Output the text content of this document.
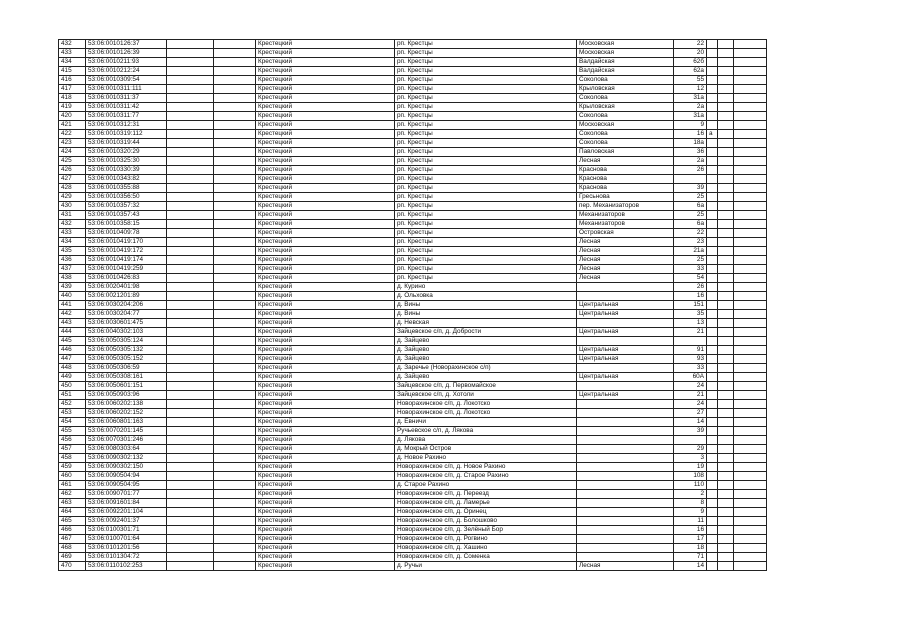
432	53:06:0010126:37			Крестецкий	рп. Крестцы	Московская	22			
433	53:06:0010126:39			Крестецкий	рп. Крестцы	Московская	20			
434	53:06:0010211:93			Крестецкий	рп. Крестцы	Валдайская	62б			
415	53:06:0010212:24			Крестецкий	рп. Крестцы	Валдайская	62а			
416	53:06:0010309:54			Крестецкий	рп. Крестцы	Соколова	55			
417	53:06:0010311:111			Крестецкий	рп. Крестцы	Крыловская	12			
418	53:06:0010311:37			Крестецкий	рп. Крестцы	Соколова	31а			
419	53:06:0010311:42			Крестецкий	рп. Крестцы	Крыловская	2а			
420	53:06:0010311:77			Крестецкий	рп. Крестцы	Соколова	31а			
421	53:06:0010312:31			Крестецкий	рп. Крестцы	Московская	9			
422	53:06:0010319:112			Крестецкий	рп. Крестцы	Соколова	16	а		
423	53:06:0010319:44			Крестецкий	рп. Крестцы	Соколова	18а			
424	53:06:0010320:29			Крестецкий	рп. Крестцы	Павловская	36			
425	53:06:0010325:30			Крестецкий	рп. Крестцы	Лесная	2а			
426	53:06:0010330:39			Крестецкий	рп. Крестцы	Краснова	26			
427	53:06:0010343:82			Крестецкий	рп. Крестцы	Краснова				
428	53:06:0010355:88			Крестецкий	рп. Крестцы	Краснова	39			
429	53:06:0010356:50			Крестецкий	рп. Крестцы	Гресьнова	25			
430	53:06:0010357:32			Крестецкий	рп. Крестцы	пер. Механизаторов	6а			
431	53:06:0010357:43			Крестецкий	рп. Крестцы	Механизаторов	25			
432	53:06:0010358:15			Крестецкий	рп. Крестцы	Механизаторов	6а			
433	53:06:0010409:78			Крестецкий	рп. Крестцы	Островская	22			
434	53:06:0010419:170			Крестецкий	рп. Крестцы	Лесная	23			
435	53:06:0010419:172			Крестецкий	рп. Крестцы	Лесная	21а			
436	53:06:0010419:174			Крестецкий	рп. Крестцы	Лесная	25			
437	53:06:0010419:259			Крестецкий	рп. Крестцы	Лесная	33			
438	53:06:0010426:83			Крестецкий	рп. Крестцы	Лесная	54			
439	53:06:0020401:98			Крестецкий	д. Курино		26			
440	53:06:0021201:89			Крестецкий	д. Ольховка		16			
441	53:06:0030204:206			Крестецкий	д. Вины	Центральная	151			
442	53:06:0030204:77			Крестецкий	д. Вины	Центральная	35			
443	53:06:0030601:475			Крестецкий	д. Невская		13			
444	53:06:0040302:103			Крестецкий	Зайцевское с/п, д. Добрости	Центральная	21			
445	53:06:0050305:124			Крестецкий	д. Зайцево					
446	53:06:0050305:132			Крестецкий	д. Зайцево	Центральная	91			
447	53:06:0050305:152			Крестецкий	д. Зайцево	Центральная	93			
448	53:06:0050306:59			Крестецкий	д. Заречье (Новорахинское с/п)		33			
449	53:06:0050308:161			Крестецкий	д. Зайцево	Центральная	60А			
450	53:06:0050601:151			Крестецкий	Зайцевское с/п, д. Первомайское		24			
451	53:06:0050903:96			Крестецкий	Зайцевское с/п, д. Хотоли	Центральная	21			
452	53:06:0060202:138			Крестецкий	Новорахинское с/п, д. Локотско		24			
453	53:06:0060202:152			Крестецкий	Новорахинское с/п, д. Локотско		27			
454	53:06:0060801:163			Крестецкий	д. Евничи		14			
455	53:06:0070201:145			Крестецкий	Ручьевское с/п, д. Лякова		39			
456	53:06:0070301:246			Крестецкий	д. Лякова					
457	53:06:0080303:64			Крестецкий	д. Мокрый Остров		29			
458	53:06:0090302:132			Крестецкий	д. Новое Рахино		3			
459	53:06:0090302:150			Крестецкий	Новорахинское с/п, д. Новое Рахино		19			
460	53:06:0090504:94			Крестецкий	Новорахинское с/п, д. Старое Рахино		108			
461	53:06:0090504:95			Крестецкий	д. Старое Рахино		110			
462	53:06:0090701:77			Крестецкий	Новорахинское с/п, д. Переезд		2			
463	53:06:0091601:84			Крестецкий	Новорахинское с/п, д. Ламерье		8			
464	53:06:0092201:104			Крестецкий	Новорахинское с/п, д. Оринец		9			
465	53:06:0092401:37			Крестецкий	Новорахинское с/п, д. Болошково		11			
466	53:06:0100301:71			Крестецкий	Новорахинское с/п, д. Зелёный Бор		16			
467	53:06:0100701:64			Крестецкий	Новорахинское с/п, д. Рогвино		17			
468	53:06:0101201:56			Крестецкий	Новорахинское с/п, д. Хашино		18			
469	53:06:0101304:72			Крестецкий	Новорахинское с/п, д. Соменка		71			
470	53:06:0110102:253			Крестецкий	д. Ручьи	Лесная	14			
